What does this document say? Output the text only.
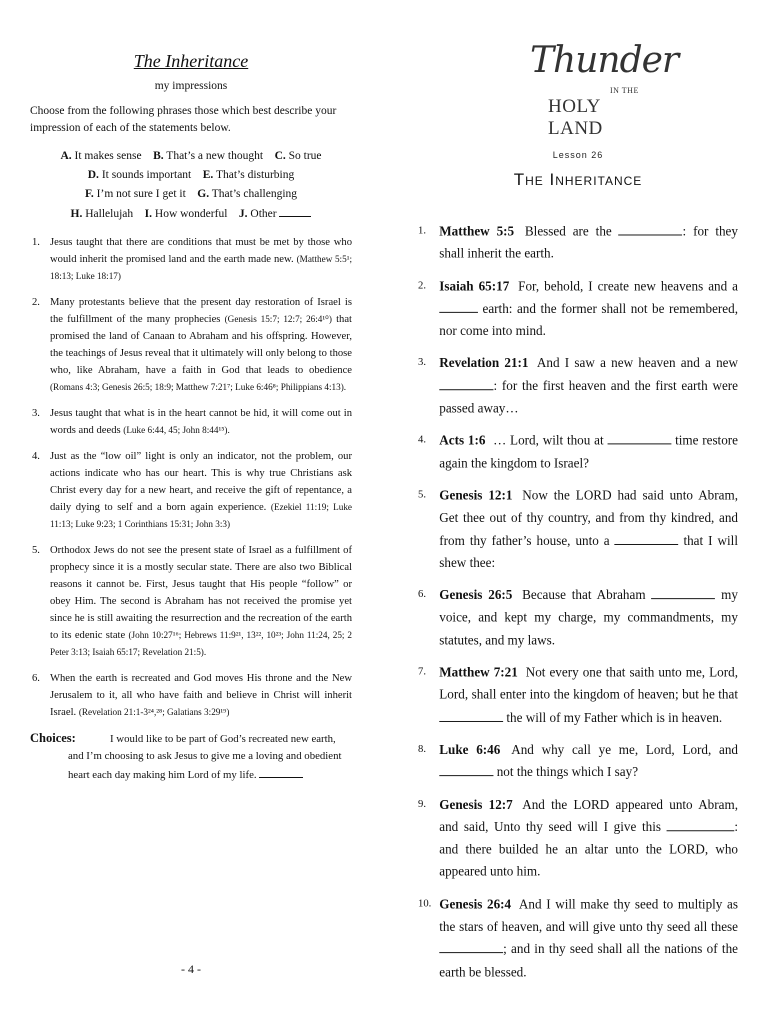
The Inheritance
my impressions
Choose from the following phrases those which best describe your impression of each of the statements below.
A. It makes sense B. That’s a new thought C. So true
D. It sounds important E. That’s disturbing
F. I’m not sure I get it G. That’s challenging
H. Hallelujah I. How wonderful J. Other
1. Jesus taught that there are conditions that must be met by those who would inherit the promised land and the earth made new. (Matthew 5:5¹; 18:13; Luke 18:17)
2. Many protestants believe that the present day restoration of Israel is the fulfillment of the many prophecies (Genesis 15:7; 12:7; 26:4¹⁰) that promised the land of Canaan to Abraham and his offspring. However, the teachings of Jesus reveal that it ultimately will only belong to those who, like Abraham, have a faith in God that leads to obedience (Romans 4:3; Genesis 26:5; 18:9; Matthew 7:21⁷; Luke 6:46⁸; Philippians 4:13).
3. Jesus taught that what is in the heart cannot be hid, it will come out in words and deeds (Luke 6:44, 45; John 8:44¹⁵).
4. Just as the “low oil” light is only an indicator, not the problem, our actions indicate who has our heart. This is why true Christians ask Christ every day for a new heart, and receive the gift of repentance, a daily dying to self and a born again experience. (Ezekiel 11:19; Luke 11:13; Luke 9:23; 1 Corinthians 15:31; John 3:3)
5. Orthodox Jews do not see the present state of Israel as a fulfillment of prophecy since it is a mostly secular state. There are also two Biblical reasons it cannot be. First, Jesus taught that His people “follow” or obey Him. The second is Abraham has not received the promise yet since he is still awaiting the resurrection and the recreation of the earth to its edenic state (John 10:27¹⁶; Hebrews 11:9²¹, 13²², 10²³; John 11:24, 25; 2 Peter 3:13; Isaiah 65:17; Revelation 21:5).
6. When the earth is recreated and God moves His throne and the New Jerusalem to it, all who have faith and believe in Christ will inherit Israel. (Revelation 21:1-3²⁴,²⁸; Galatians 3:29¹⁹)
Choices:	I would like to be part of God’s recreated new earth, and I’m choosing to ask Jesus to give me a loving and obedient heart each day making him Lord of my life.
- 4 -
Thunder
IN THE
HOLY LAND
Lesson 26
The Inheritance
1. Matthew 5:5 Blessed are the	: for they shall inherit the earth.
2. Isaiah 65:17 For, behold, I create new heavens and a  earth: and the former shall not be remembered, nor come into mind.
3. Revelation 21:1 And I saw a new heaven and a new : for the first heaven and the first earth were passed away…
4. Acts 1:6 … Lord, wilt thou at	time restore again the kingdom to Israel?
5. Genesis 12:1 Now the LORD had said unto Abram, Get thee out of thy country, and from thy kindred, and from thy father’s house, unto a	that I will shew thee:
6. Genesis 26:5 Because that Abraham	my voice, and kept my charge, my commandments, my statutes, and my laws.
7. Matthew 7:21 Not every one that saith unto me, Lord, Lord, shall enter into the kingdom of heaven; but he that  the will of my Father which is in heaven.
8. Luke 6:46 And why call ye me, Lord, Lord, and  not the things which I say?
9. Genesis 12:7 And the LORD appeared unto Abram, and said, Unto thy seed will I give this	: and there builded he an altar unto the LORD, who appeared unto him.
10. Genesis 26:4 And I will make thy seed to multiply as the stars of heaven, and will give unto thy seed all these ; and in thy seed shall all the nations of the earth be blessed.
